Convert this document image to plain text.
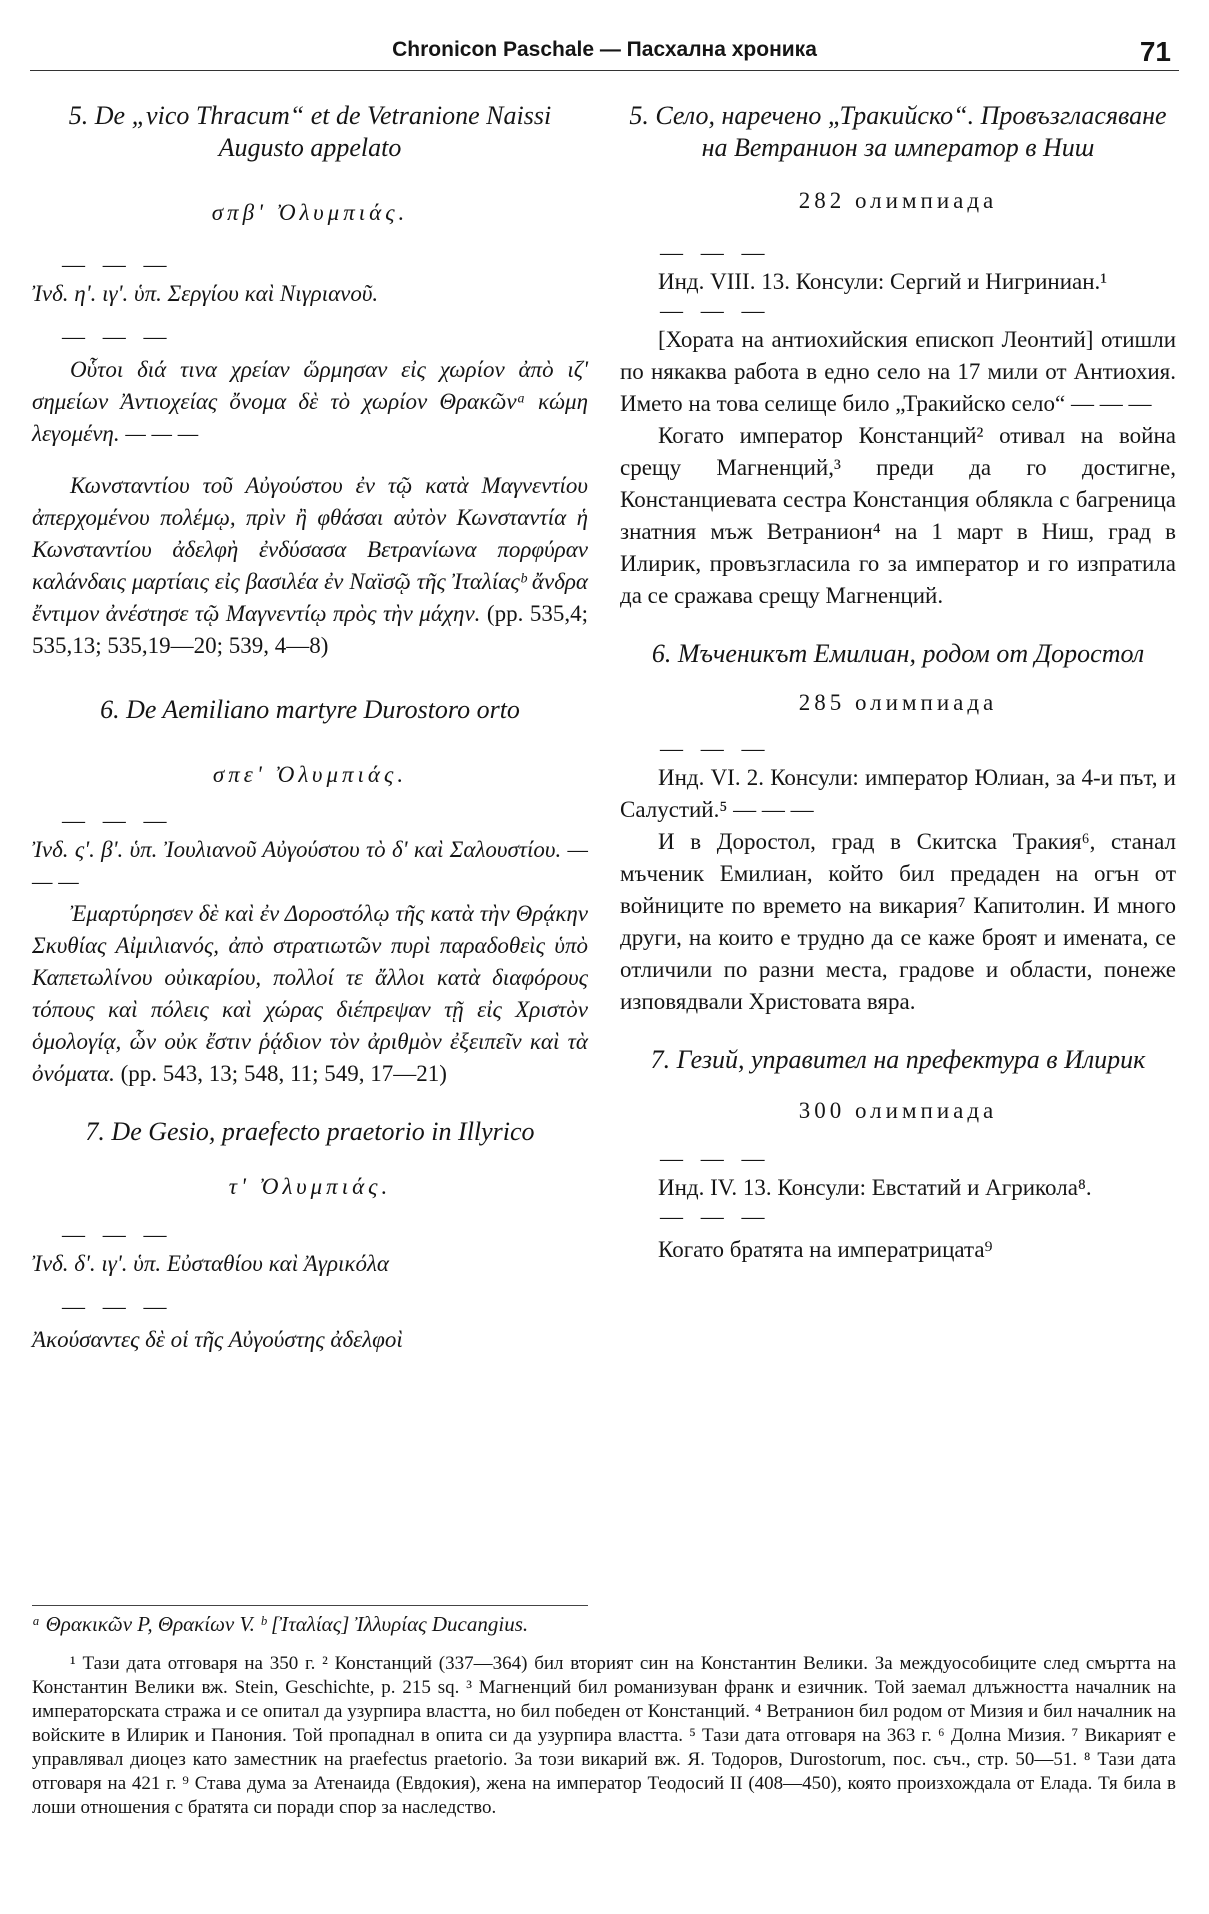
Chronicon Paschale — Пасхална хроника	71

5. De „vico Thracum“ et de Vetranione Naissi Augusto appelato

σπβ' Ὀλυμπιάς.

— — —

Ἰνδ. η'. ιγ'. ὑπ. Σεργίου καὶ Νιγριανοῦ.

— — —

Οὗτοι διά τινα χρείαν ὥρμησαν εἰς χωρίον ἀπὸ ιζ' σημείων Ἀντιοχείας ὄνομα δὲ τὸ χωρίον Θρακῶνᵃ κώμη λεγομένη. — — —

Κωνσταντίου τοῦ Αὐγούστου ἐν τῷ κατὰ Μαγνεντίου ἀπερχομένου πολέμῳ, πρὶν ἢ φθάσαι αὐτὸν Κωνσταντία ἡ Κωνσταντίου ἀδελφὴ ἐνδύσασα Βετρανίωνα πορφύραν καλάνδαις μαρτίαις εἰς βασιλέα ἐν Ναϊσῷ τῆς Ἰταλίαςᵇ ἄνδρα ἔντιμον ἀνέστησε τῷ Μαγνεντίῳ πρὸς τὴν μάχην. (pp. 535,4; 535,13; 535,19—20; 539, 4—8)

6. De Aemiliano martyre Durostoro orto

σπε' Ὀλυμπιάς.

— — —

Ἰνδ. ς'. β'. ὑπ. Ἰουλιανοῦ Αὐγούστου τὸ δ' καὶ Σαλουστίου. — — —

Ἐμαρτύρησεν δὲ καὶ ἐν Δοροστόλῳ τῆς κατὰ τὴν Θρᾴκην Σκυθίας Αἰμιλιανός, ἀπὸ στρατιωτῶν πυρὶ παραδοθεὶς ὑπὸ Καπετωλίνου οὐικαρίου, πολλοί τε ἄλλοι κατὰ διαφόρους τόπους καὶ πόλεις καὶ χώρας διέπρεψαν τῇ εἰς Χριστὸν ὁμολογίᾳ, ὧν οὐκ ἔστιν ῥᾴδιον τὸν ἀριθμὸν ἐξειπεῖν καὶ τὰ ὀνόματα. (pp. 543, 13; 548, 11; 549, 17—21)

7. De Gesio, praefecto praetorio in Illyrico

τ' Ὀλυμπιάς.

— — —

Ἰνδ. δ'. ιγ'. ὑπ. Εὐσταθίου καὶ Ἀγρικόλα

— — —

Ἀκούσαντες δὲ οἱ τῆς Αὐγούστης ἀδελφοὶ

5. Село, наречено „Тракийско“. Провъзгласяване на Ветранион за император в Ниш

282 олимпиада

— — —

Инд. VIII. 13. Консули: Сергий и Нигриниан.¹

— — —

[Хората на антиохийския епископ Леонтий] отишли по някаква работа в едно село на 17 мили от Антиохия. Името на това селище било „Тракийско село“ — — —

Когато император Констанций² отивал на война срещу Магненций,³ преди да го достигне, Констанциевата сестра Констанция облякла с багреница знатния мъж Ветранион⁴ на 1 март в Ниш, град в Илирик, провъзгласила го за император и го изпратила да се сражава срещу Магненций.

6. Мъченикът Емилиан, родом от Доростол

285 олимпиада

— — —

Инд. VI. 2. Консули: император Юлиан, за 4-и път, и Салустий.⁵ — — —

И в Доростол, град в Скитска Тракия⁶, станал мъченик Емилиан, който бил предаден на огън от войниците по времето на викария⁷ Капитолин. И много други, на които е трудно да се каже броят и имената, се отличили по разни места, градове и области, понеже изповядвали Христовата вяра.

7. Гезий, управител на префектура в Илирик

300 олимпиада

— — —

Инд. IV. 13. Консули: Евстатий и Агрикола⁸.

— — —

Когато братята на императрицата⁹

ᵃ Θρακικῶν P, Θρακίων V. ᵇ [Ἰταλίας] Ἰλλυρίας Ducangius.

¹ Тази дата отговаря на 350 г. ² Констанций (337—364) бил вторият син на Константин Велики. За междуособиците след смъртта на Константин Велики вж. Stein, Geschichte, p. 215 sq. ³ Магненций бил романизуван франк и езичник. Той заемал длъжността началник на императорската стража и се опитал да узурпира властта, но бил победен от Констанций. ⁴ Ветранион бил родом от Мизия и бил началник на войските в Илирик и Панония. Той пропаднал в опита си да узурпира властта. ⁵ Тази дата отговаря на 363 г. ⁶ Долна Мизия. ⁷ Викарият е управлявал диоцез като заместник на praefectus praetorio. За този викарий вж. Я. Тодоров, Durostorum, пос. съч., стр. 50—51. ⁸ Тази дата отговаря на 421 г. ⁹ Става дума за Атенаида (Евдокия), жена на император Теодосий II (408—450), която произхождала от Елада. Тя била в лоши отношения с братята си поради спор за наследство.
